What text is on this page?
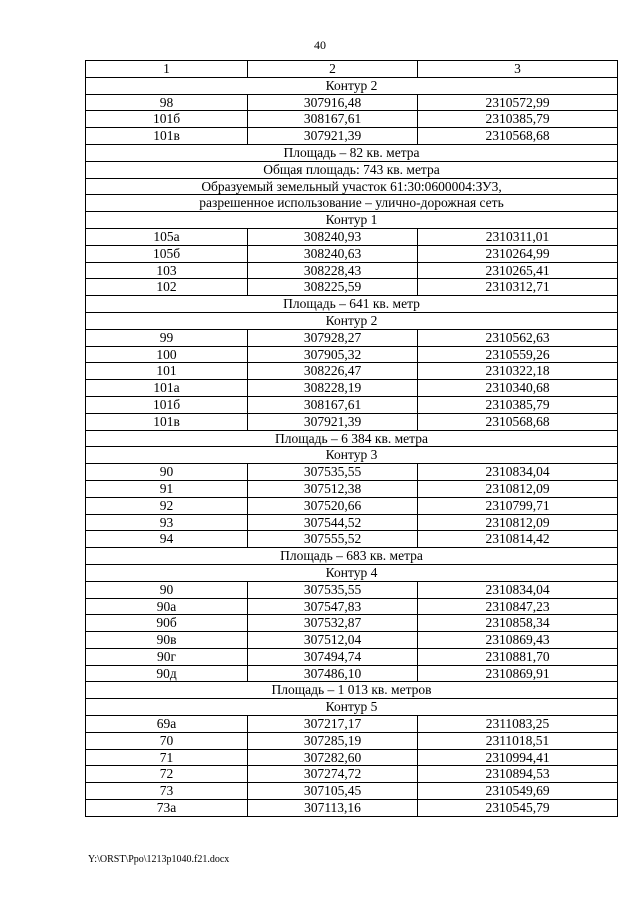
40
1	2	3
Контур 2		
98	307916,48	2310572,99
101б	308167,61	2310385,79
101в	307921,39	2310568,68
Площадь – 82 кв. метра		
Общая площадь: 743 кв. метра		
Образуемый земельный участок 61:30:0600004:ЗУ3,		
разрешенное использование – улично-дорожная сеть		
Контур 1		
105а	308240,93	2310311,01
105б	308240,63	2310264,99
103	308228,43	2310265,41
102	308225,59	2310312,71
Площадь – 641 кв. метр		
Контур 2		
99	307928,27	2310562,63
100	307905,32	2310559,26
101	308226,47	2310322,18
101а	308228,19	2310340,68
101б	308167,61	2310385,79
101в	307921,39	2310568,68
Площадь – 6 384 кв. метра		
Контур 3		
90	307535,55	2310834,04
91	307512,38	2310812,09
92	307520,66	2310799,71
93	307544,52	2310812,09
94	307555,52	2310814,42
Площадь – 683 кв. метра		
Контур 4		
90	307535,55	2310834,04
90а	307547,83	2310847,23
90б	307532,87	2310858,34
90в	307512,04	2310869,43
90г	307494,74	2310881,70
90д	307486,10	2310869,91
Площадь – 1 013 кв. метров		
Контур 5		
69а	307217,17	2311083,25
70	307285,19	2311018,51
71	307282,60	2310994,41
72	307274,72	2310894,53
73	307105,45	2310549,69
73а	307113,16	2310545,79
Y:\ORST\Ppo\1213p1040.f21.docx
